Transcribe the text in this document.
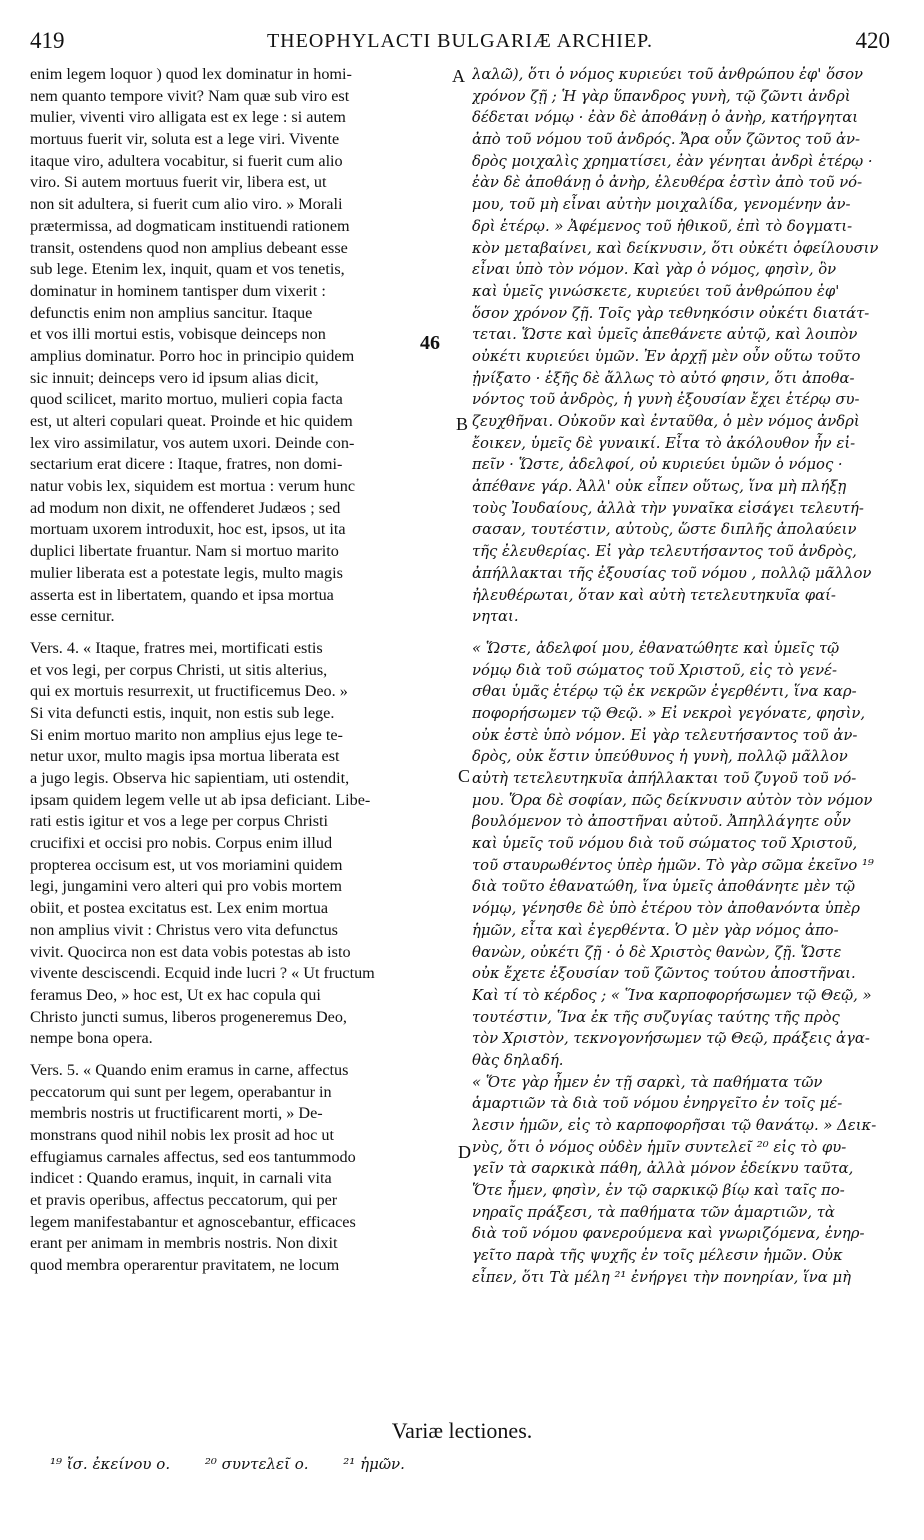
419	THEOPHYLACTI BULGARIÆ ARCHIEP.	420
enim legem loquor ) quod lex dominatur in homi-
nem quanto tempore vivit? Nam quæ sub viro est
mulier, viventi viro alligata est ex lege : si autem
mortuus fuerit vir, soluta est a lege viri. Vivente
itaque viro, adultera vocabitur, si fuerit cum alio
viro. Si autem mortuus fuerit vir, libera est, ut
non sit adultera, si fuerit cum alio viro. » Morali
prætermissa, ad dogmaticam instituendi rationem
transit, ostendens quod non amplius debeant esse
sub lege. Etenim lex, inquit, quam et vos tenetis,
dominatur in hominem tantisper dum vixerit :
defunctis enim non amplius sancitur. Itaque
et vos illi mortui estis, vobisque deinceps non
amplius dominatur. Porro hoc in principio quidem
sic innuit; deinceps vero id ipsum alias dicit,
quod scilicet, marito mortuo, mulieri copia facta
est, ut alteri copulari queat. Proinde et hic quidem
lex viro assimilatur, vos autem uxori. Deinde con-
sectarium erat dicere : Itaque, fratres, non domi-
natur vobis lex, siquidem est mortua : verum hunc
ad modum non dixit, ne offenderet Judæos ; sed
mortuam uxorem introduxit, hoc est, ipsos, ut ita
duplici libertate fruantur. Nam si mortuo marito
mulier liberata est a potestate legis, multo magis
asserta est in libertatem, quando et ipsa mortua
esse cernitur.
Vers. 4. « Itaque, fratres mei, mortificati estis
et vos legi, per corpus Christi, ut sitis alterius,
qui ex mortuis resurrexit, ut fructificemus Deo. »
Si vita defuncti estis, inquit, non estis sub lege.
Si enim mortuo marito non amplius ejus lege te-
netur uxor, multo magis ipsa mortua liberata est
a jugo legis. Observa hic sapientiam, uti ostendit,
ipsam quidem legem velle ut ab ipsa deficiant. Libe-
rati estis igitur et vos a lege per corpus Christi
crucifixi et occisi pro nobis. Corpus enim illud
propterea occisum est, ut vos moriamini quidem
legi, jungamini vero alteri qui pro vobis mortem
obiit, et postea excitatus est. Lex enim mortua
non amplius vivit : Christus vero vita defunctus
vivit. Quocirca non est data vobis potestas ab isto
vivente desciscendi. Ecquid inde lucri ? « Ut fructum
feramus Deo, » hoc est, Ut ex hac copula qui
Christo juncti sumus, liberos progeneremus Deo,
nempe bona opera.
Vers. 5. « Quando enim eramus in carne, affectus
peccatorum qui sunt per legem, operabantur in
membris nostris ut fructificarent morti, » De-
monstrans quod nihil nobis lex prosit ad hoc ut
effugiamus carnales affectus, sed eos tantummodo
indicet : Quando eramus, inquit, in carnali vita
et pravis operibus, affectus peccatorum, qui per
legem manifestabantur et agnoscebantur, efficaces
erant per animam in membris nostris. Non dixit
quod membra operarentur pravitatem, ne locum
46
A
B
C
D
λαλῶ), ὅτι ὁ νόμος κυριεύει τοῦ ἀνθρώπου ἐφ' ὅσον
χρόνον ζῇ ; Ἡ γὰρ ὕπανδρος γυνὴ, τῷ ζῶντι ἀνδρὶ
δέδεται νόμῳ · ἐὰν δὲ ἀποθάνῃ ὁ ἀνὴρ, κατήργηται
ἀπὸ τοῦ νόμου τοῦ ἀνδρός. Ἄρα οὖν ζῶντος τοῦ ἀν-
δρὸς μοιχαλὶς χρηματίσει, ἐὰν γένηται ἀνδρὶ ἑτέρῳ ·
ἐὰν δὲ ἀποθάνῃ ὁ ἀνὴρ, ἐλευθέρα ἐστὶν ἀπὸ τοῦ νό-
μου, τοῦ μὴ εἶναι αὐτὴν μοιχαλίδα, γενομένην ἀν-
δρὶ ἑτέρῳ. » Ἀφέμενος τοῦ ἠθικοῦ, ἐπὶ τὸ δογματι-
κὸν μεταβαίνει, καὶ δείκνυσιν, ὅτι οὐκέτι ὀφείλουσιν
εἶναι ὑπὸ τὸν νόμον. Καὶ γὰρ ὁ νόμος, φησὶν, ὃν
καὶ ὑμεῖς γινώσκετε, κυριεύει τοῦ ἀνθρώπου ἐφ'
ὅσον χρόνον ζῇ. Τοῖς γὰρ τεθνηκόσιν οὐκέτι διατάτ-
τεται. Ὥστε καὶ ὑμεῖς ἀπεθάνετε αὐτῷ, καὶ λοιπὸν
οὐκέτι κυριεύει ὑμῶν. Ἐν ἀρχῇ μὲν οὖν οὕτω τοῦτο
ᾐνίξατο · ἑξῆς δὲ ἄλλως τὸ αὐτό φησιν, ὅτι ἀποθα-
νόντος τοῦ ἀνδρὸς, ἡ γυνὴ ἐξουσίαν ἔχει ἑτέρῳ συ-
ζευχθῆναι. Οὐκοῦν καὶ ἐνταῦθα, ὁ μὲν νόμος ἀνδρὶ
ἔοικεν, ὑμεῖς δὲ γυναικί. Εἶτα τὸ ἀκόλουθον ἦν εἰ-
πεῖν · Ὥστε, ἀδελφοί, οὐ κυριεύει ὑμῶν ὁ νόμος ·
ἀπέθανε γάρ. Ἀλλ' οὐκ εἶπεν οὕτως, ἵνα μὴ πλήξῃ
τοὺς Ἰουδαίους, ἀλλὰ τὴν γυναῖκα εἰσάγει τελευτή-
σασαν, τουτέστιν, αὐτοὺς, ὥστε διπλῆς ἀπολαύειν
τῆς ἐλευθερίας. Εἰ γὰρ τελευτήσαντος τοῦ ἀνδρὸς,
ἀπήλλακται τῆς ἐξουσίας τοῦ νόμου , πολλῷ μᾶλλον
ἠλευθέρωται, ὅταν καὶ αὐτὴ τετελευτηκυῖα φαί-
νηται.
« Ὥστε, ἀδελφοί μου, ἐθανατώθητε καὶ ὑμεῖς τῷ
νόμῳ διὰ τοῦ σώματος τοῦ Χριστοῦ, εἰς τὸ γενέ-
σθαι ὑμᾶς ἑτέρῳ τῷ ἐκ νεκρῶν ἐγερθέντι, ἵνα καρ-
ποφορήσωμεν τῷ Θεῷ. » Εἰ νεκροὶ γεγόνατε, φησὶν,
οὐκ ἐστὲ ὑπὸ νόμον. Εἰ γὰρ τελευτήσαντος τοῦ ἀν-
δρὸς, οὐκ ἔστιν ὑπεύθυνος ἡ γυνὴ, πολλῷ μᾶλλον
αὐτὴ τετελευτηκυῖα ἀπήλλακται τοῦ ζυγοῦ τοῦ νό-
μου. Ὅρα δὲ σοφίαν, πῶς δείκνυσιν αὐτὸν τὸν νόμον
βουλόμενον τὸ ἀποστῆναι αὐτοῦ. Ἀπηλλάγητε οὖν
καὶ ὑμεῖς τοῦ νόμου διὰ τοῦ σώματος τοῦ Χριστοῦ,
τοῦ σταυρωθέντος ὑπὲρ ἡμῶν. Τὸ γὰρ σῶμα ἐκεῖνο ¹⁹
διὰ τοῦτο ἐθανατώθη, ἵνα ὑμεῖς ἀποθάνητε μὲν τῷ
νόμῳ, γένησθε δὲ ὑπὸ ἑτέρου τὸν ἀποθανόντα ὑπὲρ
ἡμῶν, εἶτα καὶ ἐγερθέντα. Ὁ μὲν γὰρ νόμος ἀπο-
θανὼν, οὐκέτι ζῇ · ὁ δὲ Χριστὸς θανὼν, ζῇ. Ὥστε
οὐκ ἔχετε ἐξουσίαν τοῦ ζῶντος τούτου ἀποστῆναι.
Καὶ τί τὸ κέρδος ; « Ἵνα καρποφορήσωμεν τῷ Θεῷ, »
τουτέστιν, Ἵνα ἐκ τῆς συζυγίας ταύτης τῆς πρὸς
τὸν Χριστὸν, τεκνογονήσωμεν τῷ Θεῷ, πράξεις ἀγα-
θὰς δηλαδή.
« Ὅτε γὰρ ἦμεν ἐν τῇ σαρκὶ, τὰ παθήματα τῶν
ἁμαρτιῶν τὰ διὰ τοῦ νόμου ἐνηργεῖτο ἐν τοῖς μέ-
λεσιν ἡμῶν, εἰς τὸ καρποφορῆσαι τῷ θανάτῳ. » Δεικ-
νὺς, ὅτι ὁ νόμος οὐδὲν ἡμῖν συντελεῖ ²⁰ εἰς τὸ φυ-
γεῖν τὰ σαρκικὰ πάθη, ἀλλὰ μόνον ἐδείκνυ ταῦτα,
Ὅτε ἦμεν, φησὶν, ἐν τῷ σαρκικῷ βίῳ καὶ ταῖς πο-
νηραῖς πράξεσι, τὰ παθήματα τῶν ἁμαρτιῶν, τὰ
διὰ τοῦ νόμου φανερούμενα καὶ γνωριζόμενα, ἐνηρ-
γεῖτο παρὰ τῆς ψυχῆς ἐν τοῖς μέλεσιν ἡμῶν. Οὐκ
εἶπεν, ὅτι Τὰ μέλη ²¹ ἐνήργει τὴν πονηρίαν, ἵνα μὴ
Variæ lectiones.
¹⁹ ἴσ. ἐκείνου ο. ²⁰ συντελεῖ ο. ²¹ ἡμῶν.
